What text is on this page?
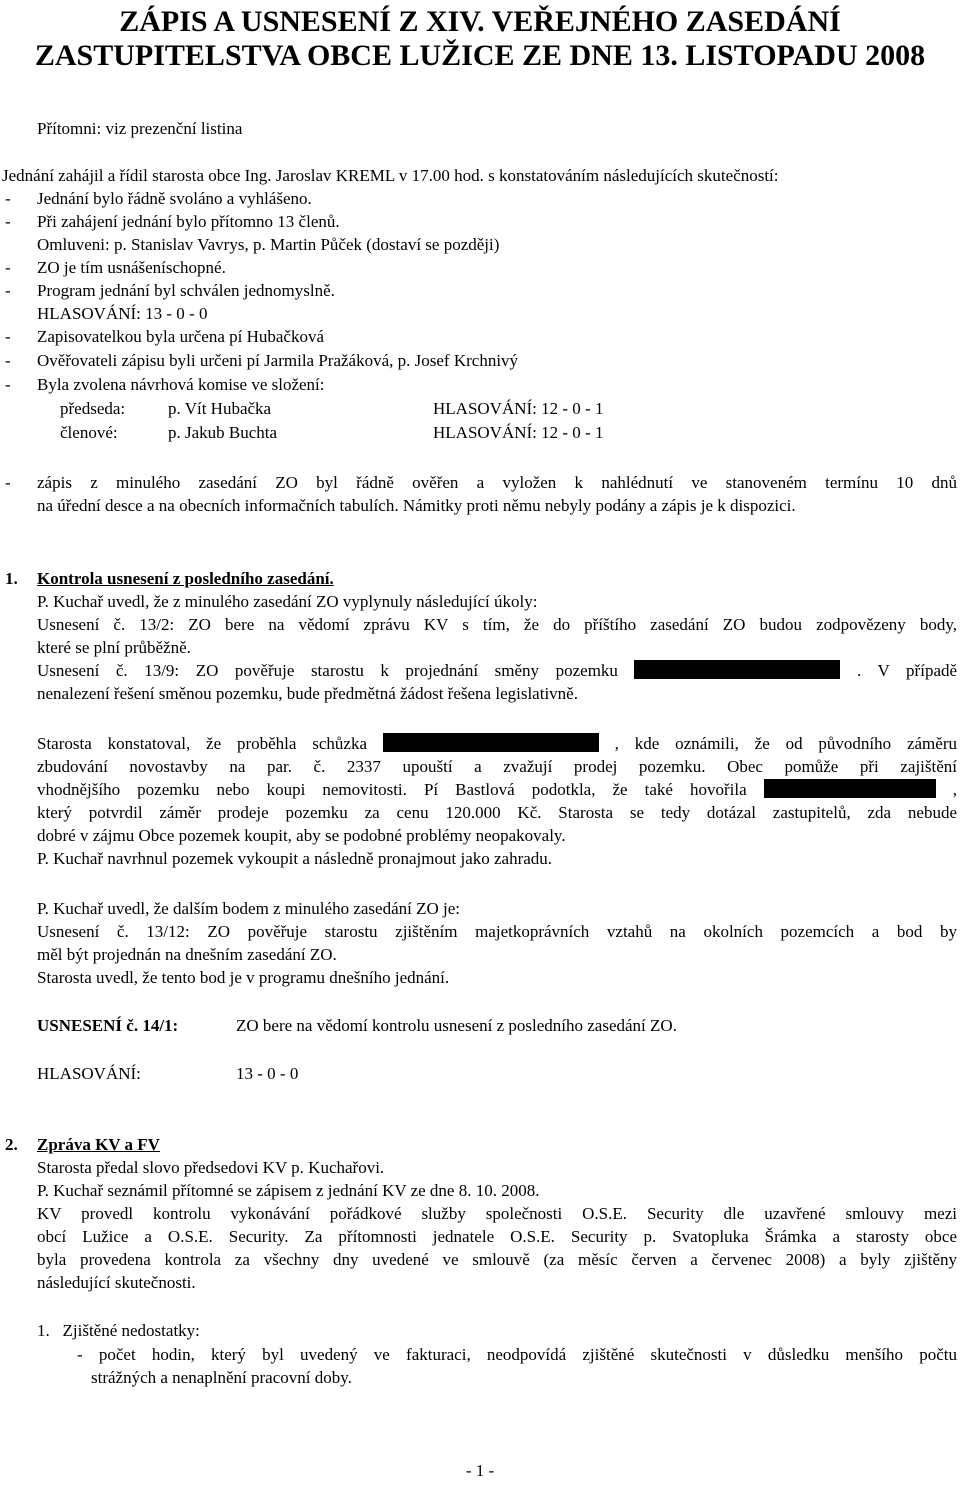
ZÁPIS A USNESENÍ Z XIV. VEŘEJNÉHO ZASEDÁNÍ
ZASTUPITELSTVA OBCE LUŽICE ZE DNE 13. LISTOPADU 2008
Přítomni: viz prezenční listina
Jednání zahájil a řídil starosta obce Ing. Jaroslav KREML v 17.00 hod. s konstatováním následujících skutečností:
- Jednání bylo řádně svoláno a vyhlášeno.
- Při zahájení jednání bylo přítomno 13 členů.
Omluveni: p. Stanislav Vavrys, p. Martin Půček (dostaví se později)
- ZO je tím usnášeníschopné.
- Program jednání byl schválen jednomyslně.
HLASOVÁNÍ: 13 - 0 - 0
- Zapisovatelkou byla určena pí Hubačková
- Ověřovateli zápisu byli určeni pí Jarmila Pražáková, p. Josef Krchnivý
- Byla zvolena návrhová komise ve složení:
předseda:	p. Vít Hubačka	HLASOVÁNÍ: 12 - 0 - 1
členové:	p. Jakub Buchta	HLASOVÁNÍ: 12 - 0 - 1
- zápis z minulého zasedání ZO byl řádně ověřen a vyložen k nahlédnutí ve stanoveném termínu 10 dnů
na úřední desce a na obecních informačních tabulích. Námitky proti němu nebyly podány a zápis je k dispozici.
1. Kontrola usnesení z posledního zasedání.
P. Kuchař uvedl, že z minulého zasedání ZO vyplynuly následující úkoly:
Usnesení č. 13/2: ZO bere na vědomí zprávu KV s tím, že do příštího zasedání ZO budou zodpovězeny body,
které se plní průběžně.
Usnesení č. 13/9: ZO pověřuje starostu k projednání směny pozemku	. V případě
nenalezení řešení směnou pozemku, bude předmětná žádost řešena legislativně.
Starosta konstatoval, že proběhla schůzka	, kde oznámili, že od původního záměru
zbudování novostavby na par. č. 2337 upouští a zvažují prodej pozemku. Obec pomůže při zajištění
vhodnějšího pozemku nebo koupi nemovitosti. Pí Bastlová podotkla, že také hovořila	,
který potvrdil záměr prodeje pozemku za cenu 120.000 Kč. Starosta se tedy dotázal zastupitelů, zda nebude
dobré v zájmu Obce pozemek koupit, aby se podobné problémy neopakovaly.
P. Kuchař navrhnul pozemek vykoupit a následně pronajmout jako zahradu.
P. Kuchař uvedl, že dalším bodem z minulého zasedání ZO je:
Usnesení č. 13/12: ZO pověřuje starostu zjištěním majetkoprávních vztahů na okolních pozemcích a bod by
měl být projednán na dnešním zasedání ZO.
Starosta uvedl, že tento bod je v programu dnešního jednání.
USNESENÍ č. 14/1:	ZO bere na vědomí kontrolu usnesení z posledního zasedání ZO.
HLASOVÁNÍ:	13 - 0 - 0
2. Zpráva KV a FV
Starosta předal slovo předsedovi KV p. Kuchařovi.
P. Kuchař seznámil přítomné se zápisem z jednání KV ze dne 8. 10. 2008.
KV provedl kontrolu vykonávání pořádkové služby společnosti O.S.E. Security dle uzavřené smlouvy mezi
obcí Lužice a O.S.E. Security. Za přítomnosti jednatele O.S.E. Security p. Svatopluka Šrámka a starosty obce
byla provedena kontrola za všechny dny uvedené ve smlouvě (za měsíc červen a červenec 2008) a byly zjištěny
následující skutečnosti.
1.   Zjištěné nedostatky:
- počet hodin, který byl uvedený ve fakturaci, neodpovídá zjištěné skutečnosti v důsledku menšího počtu
strážných a nenaplnění pracovní doby.
- 1 -
